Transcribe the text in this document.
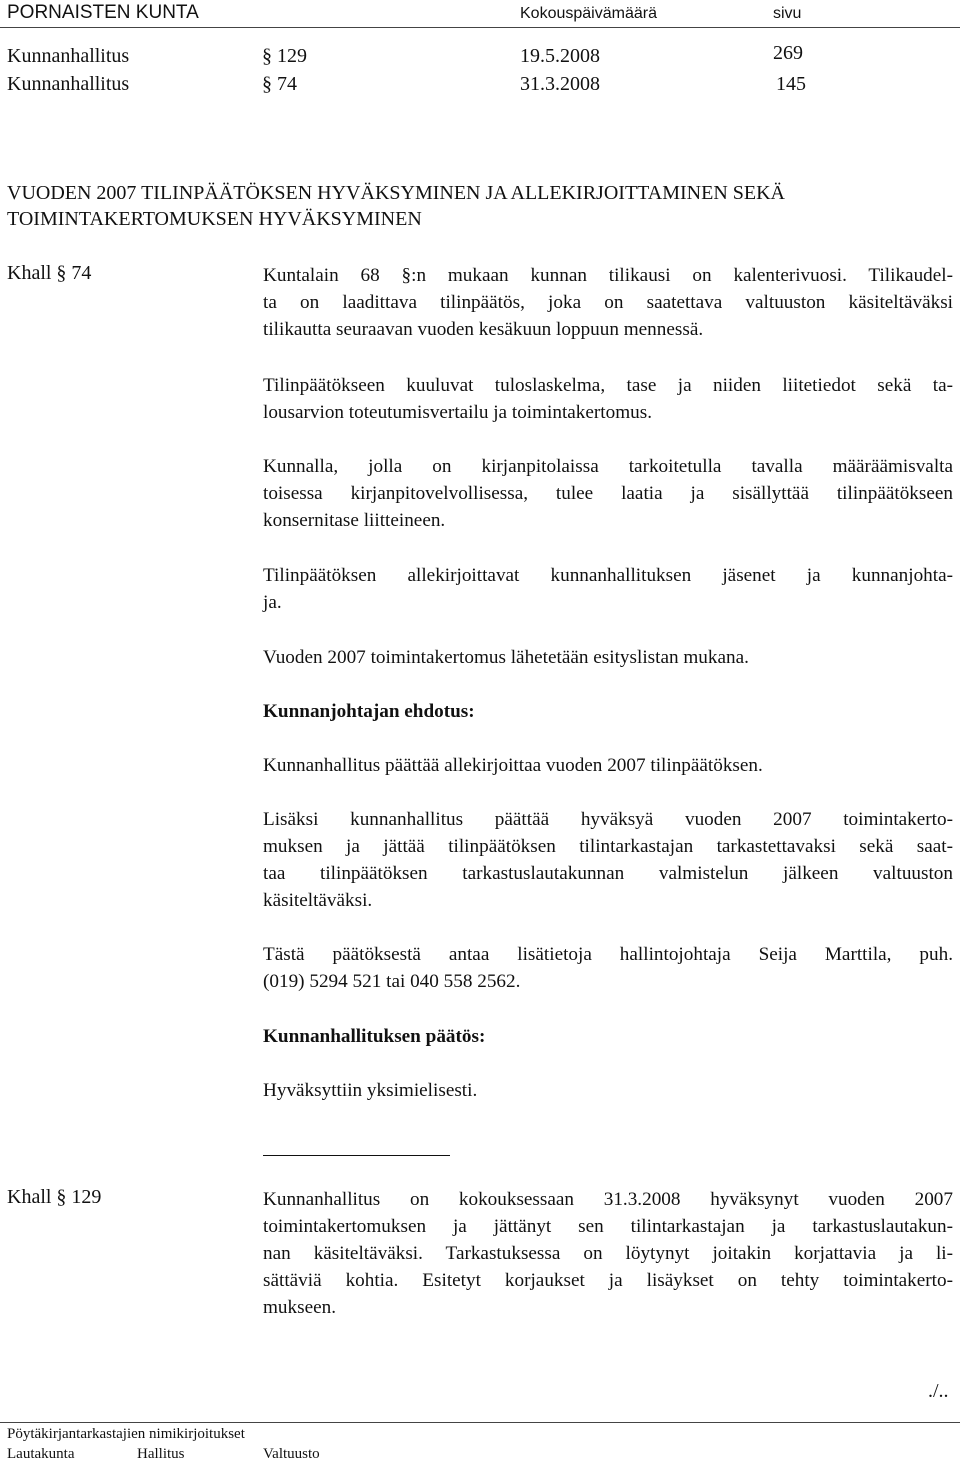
PORNAISTEN KUNTA	Kokouspäivämäärä	sivu
Kunnanhallitus	§ 129	19.5.2008	269
Kunnanhallitus	§ 74	31.3.2008	145
VUODEN 2007 TILINPÄÄTÖKSEN HYVÄKSYMINEN JA ALLEKIRJOITTAMINEN SEKÄ
TOIMINTAKERTOMUKSEN HYVÄKSYMINEN
Khall § 74
Khall § 129
Kuntalain 68 §:n mukaan kunnan tilikausi on kalenterivuosi. Tilikaudel-
ta on laadittava tilinpäätös, joka on saatettava valtuuston käsiteltäväksi
tilikautta seuraavan vuoden kesäkuun loppuun mennessä.
Tilinpäätökseen kuuluvat tuloslaskelma, tase ja niiden liitetiedot sekä ta-
lousarvion toteutumisvertailu ja toimintakertomus.
Kunnalla, jolla on kirjanpitolaissa tarkoitetulla tavalla määräämisvalta
toisessa kirjanpitovelvollisessa, tulee laatia ja sisällyttää tilinpäätökseen
konsernitase liitteineen.
Tilinpäätöksen allekirjoittavat kunnanhallituksen jäsenet ja kunnanjohta-
ja.
Vuoden 2007 toimintakertomus lähetetään esityslistan mukana.
Kunnanjohtajan ehdotus:
Kunnanhallitus päättää allekirjoittaa vuoden 2007 tilinpäätöksen.
Lisäksi kunnanhallitus päättää hyväksyä vuoden 2007 toimintakerto-
muksen ja jättää tilinpäätöksen tilintarkastajan tarkastettavaksi sekä saat-
taa tilinpäätöksen tarkastuslautakunnan valmistelun jälkeen valtuuston
käsiteltäväksi.
Tästä päätöksestä antaa lisätietoja hallintojohtaja Seija Marttila, puh.
(019) 5294 521 tai 040 558 2562.
Kunnanhallituksen päätös:
Hyväksyttiin yksimielisesti.
Kunnanhallitus on kokouksessaan 31.3.2008 hyväksynyt vuoden 2007
toimintakertomuksen ja jättänyt sen tilintarkastajan ja tarkastuslautakun-
nan käsiteltäväksi. Tarkastuksessa on löytynyt joitakin korjattavia ja li-
sättäviä kohtia. Esitetyt korjaukset ja lisäykset on tehty toimintakerto-
mukseen.
./..
Pöytäkirjantarkastajien nimikirjoitukset
Lautakunta	Hallitus	Valtuusto
